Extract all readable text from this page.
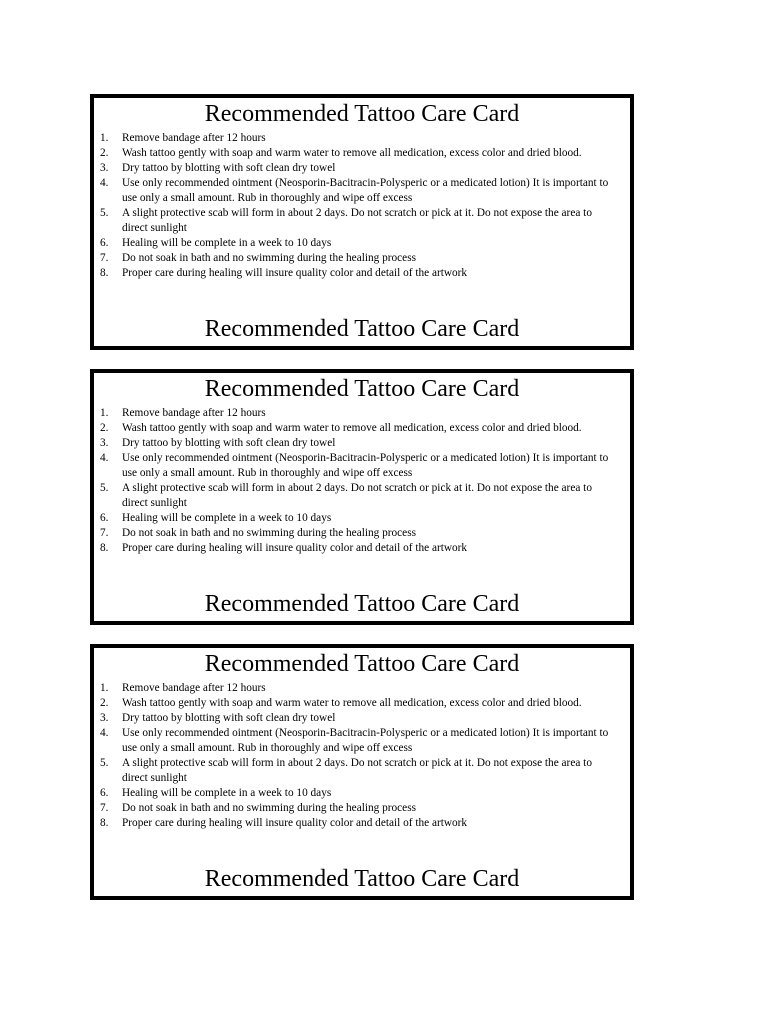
Recommended Tattoo Care Card
1. Remove bandage after 12 hours
2. Wash tattoo gently with soap and warm water to remove all medication, excess color and dried blood.
3. Dry tattoo by blotting with soft clean dry towel
4. Use only recommended ointment (Neosporin-Bacitracin-Polysperic or a medicated lotion) It is important to use only a small amount. Rub in thoroughly and wipe off excess
5. A slight protective scab will form in about 2 days. Do not scratch or pick at it. Do not expose the area to direct sunlight
6. Healing will be complete in a week to 10 days
7. Do not soak in bath and no swimming during the healing process
8. Proper care during healing will insure quality color and detail of the artwork
Recommended Tattoo Care Card
Recommended Tattoo Care Card
1. Remove bandage after 12 hours
2. Wash tattoo gently with soap and warm water to remove all medication, excess color and dried blood.
3. Dry tattoo by blotting with soft clean dry towel
4. Use only recommended ointment (Neosporin-Bacitracin-Polysperic or a medicated lotion) It is important to use only a small amount. Rub in thoroughly and wipe off excess
5. A slight protective scab will form in about 2 days. Do not scratch or pick at it. Do not expose the area to direct sunlight
6. Healing will be complete in a week to 10 days
7. Do not soak in bath and no swimming during the healing process
8. Proper care during healing will insure quality color and detail of the artwork
Recommended Tattoo Care Card
Recommended Tattoo Care Card
1. Remove bandage after 12 hours
2. Wash tattoo gently with soap and warm water to remove all medication, excess color and dried blood.
3. Dry tattoo by blotting with soft clean dry towel
4. Use only recommended ointment (Neosporin-Bacitracin-Polysperic or a medicated lotion) It is important to use only a small amount. Rub in thoroughly and wipe off excess
5. A slight protective scab will form in about 2 days. Do not scratch or pick at it. Do not expose the area to direct sunlight
6. Healing will be complete in a week to 10 days
7. Do not soak in bath and no swimming during the healing process
8. Proper care during healing will insure quality color and detail of the artwork
Recommended Tattoo Care Card
